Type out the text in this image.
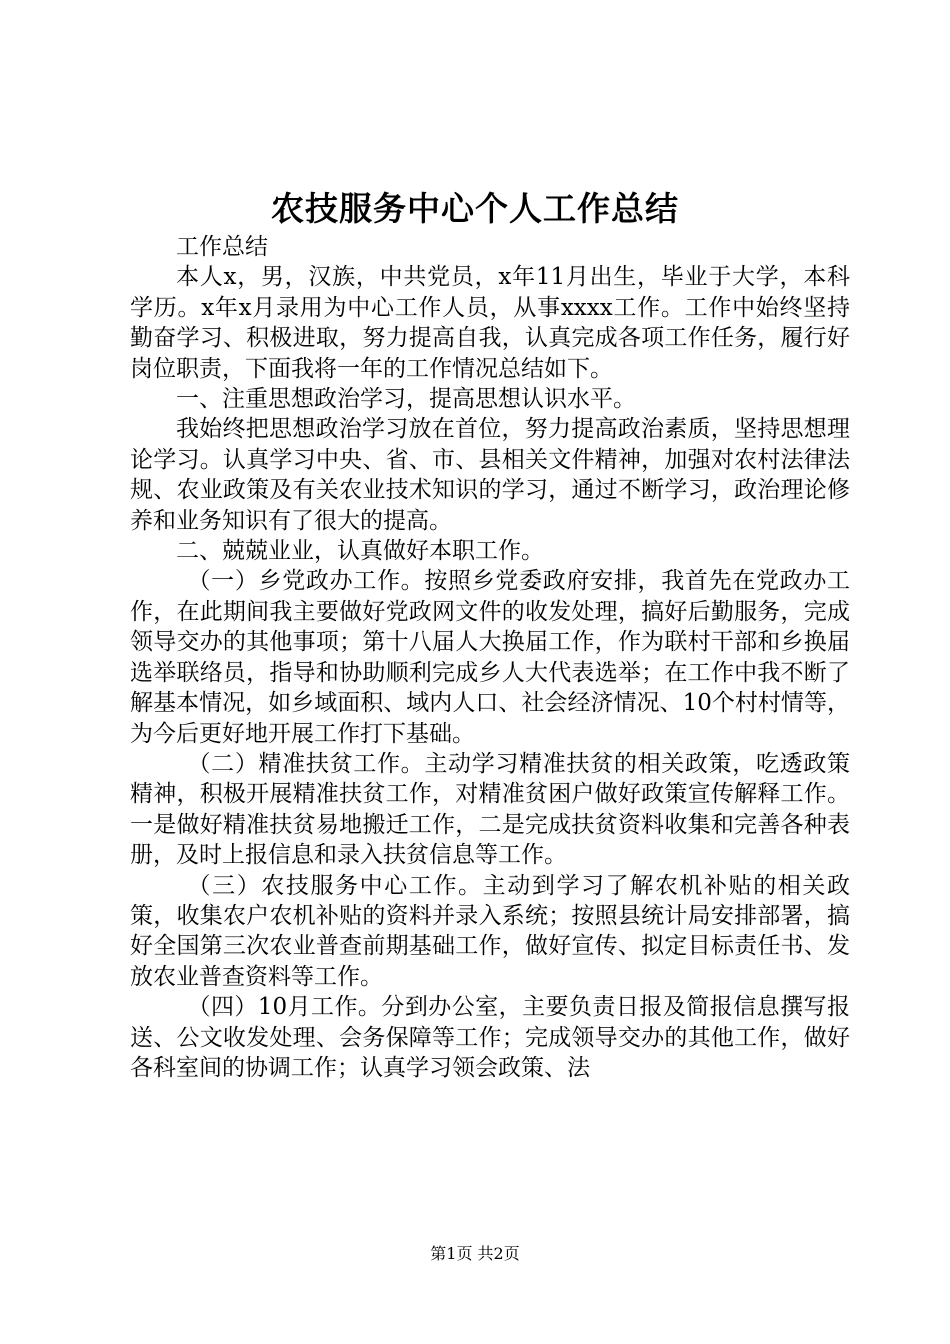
农技服务中心个人工作总结

工作总结

本人x，男，汉族，中共党员，x年11月出生，毕业于大学，本科学历。x年x月录用为中心工作人员，从事xxxx工作。工作中始终坚持勤奋学习、积极进取，努力提高自我，认真完成各项工作任务，履行好岗位职责，下面我将一年的工作情况总结如下。

一、注重思想政治学习，提高思想认识水平。

我始终把思想政治学习放在首位，努力提高政治素质，坚持思想理论学习。认真学习中央、省、市、县相关文件精神，加强对农村法律法规、农业政策及有关农业技术知识的学习，通过不断学习，政治理论修养和业务知识有了很大的提高。

二、兢兢业业，认真做好本职工作。

（一）乡党政办工作。按照乡党委政府安排，我首先在党政办工作，在此期间我主要做好党政网文件的收发处理，搞好后勤服务，完成领导交办的其他事项；第十八届人大换届工作，作为联村干部和乡换届选举联络员，指导和协助顺利完成乡人大代表选举；在工作中我不断了解基本情况，如乡域面积、域内人口、社会经济情况、10个村村情等，为今后更好地开展工作打下基础。

（二）精准扶贫工作。主动学习精准扶贫的相关政策，吃透政策精神，积极开展精准扶贫工作，对精准贫困户做好政策宣传解释工作。一是做好精准扶贫易地搬迁工作，二是完成扶贫资料收集和完善各种表册，及时上报信息和录入扶贫信息等工作。

（三）农技服务中心工作。主动到学习了解农机补贴的相关政策，收集农户农机补贴的资料并录入系统；按照县统计局安排部署，搞好全国第三次农业普查前期基础工作，做好宣传、拟定目标责任书、发放农业普查资料等工作。

（四）10月工作。分到办公室，主要负责日报及简报信息撰写报送、公文收发处理、会务保障等工作；完成领导交办的其他工作，做好各科室间的协调工作；认真学习领会政策、法

第1页 共2页
